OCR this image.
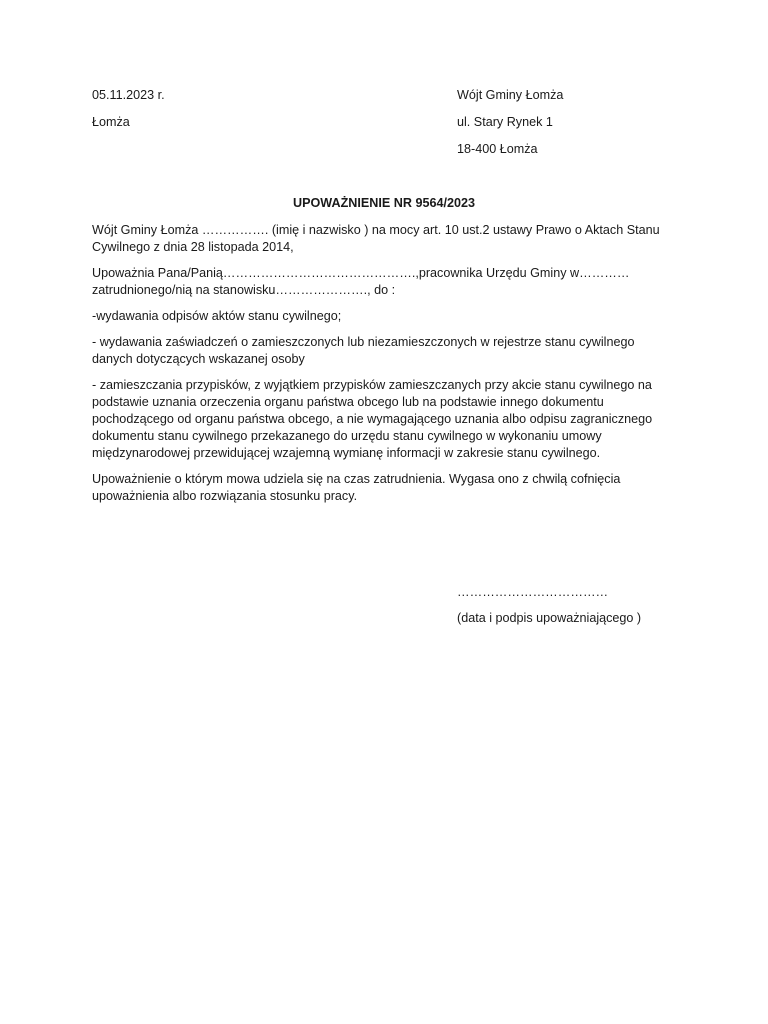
05.11.2023 r.
Łomża
Wójt Gminy Łomża
ul. Stary Rynek 1
18-400 Łomża
UPOWAŻNIENIE NR 9564/2023

Wójt Gminy Łomża ……………. (imię i nazwisko ) na mocy art. 10 ust.2 ustawy Prawo o Aktach Stanu
Cywilnego z dnia 28 listopada 2014,

Upoważnia Pana/Panią……………………………………….,pracownika Urzędu Gminy w…………
zatrudnionego/nią na stanowisku…………………., do :

-wydawania odpisów aktów stanu cywilnego;

- wydawania zaświadczeń o zamieszczonych lub niezamieszczonych w rejestrze stanu cywilnego
danych dotyczących wskazanej osoby

- zamieszczania przypisków, z wyjątkiem przypisków zamieszczanych przy akcie stanu cywilnego na
podstawie uznania orzeczenia organu państwa obcego lub na podstawie innego dokumentu
pochodzącego od organu państwa obcego, a nie wymagającego uznania albo odpisu zagranicznego
dokumentu stanu cywilnego przekazanego do urzędu stanu cywilnego w wykonaniu umowy
międzynarodowej przewidującej wzajemną wymianę informacji w zakresie stanu cywilnego.

Upoważnienie o którym mowa udziela się na czas zatrudnienia. Wygasa ono z chwilą cofnięcia
upoważnienia albo rozwiązania stosunku pracy.

………………………………
(data i podpis upoważniającego )
